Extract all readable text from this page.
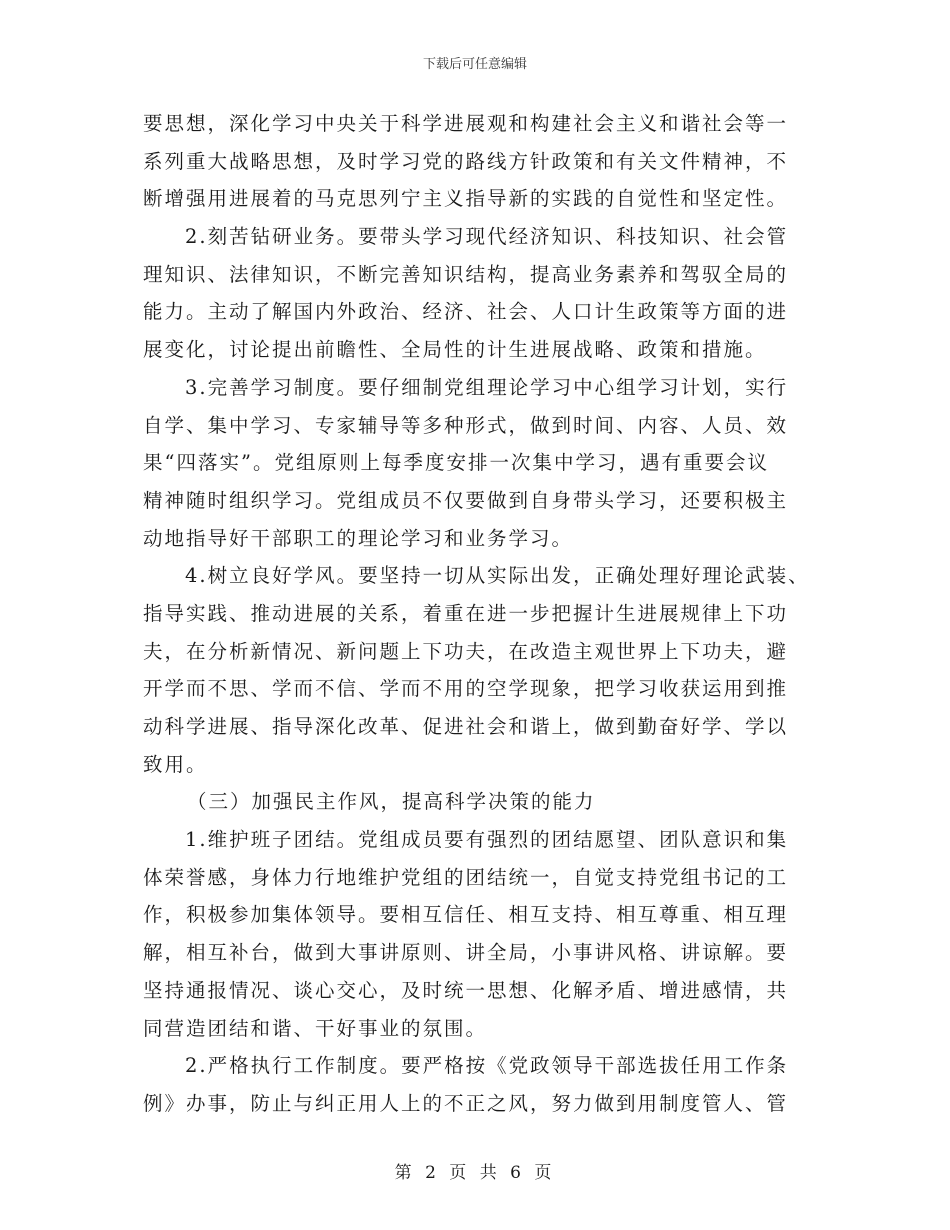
下载后可任意编辑
要思想，深化学习中央关于科学进展观和构建社会主义和谐社会等一
系列重大战略思想，及时学习党的路线方针政策和有关文件精神，不
断增强用进展着的马克思列宁主义指导新的实践的自觉性和坚定性。
2.刻苦钻研业务。要带头学习现代经济知识、科技知识、社会管
理知识、法律知识，不断完善知识结构，提高业务素养和驾驭全局的
能力。主动了解国内外政治、经济、社会、人口计生政策等方面的进
展变化，讨论提出前瞻性、全局性的计生进展战略、政策和措施。
3.完善学习制度。要仔细制党组理论学习中心组学习计划，实行
自学、集中学习、专家辅导等多种形式，做到时间、内容、人员、效
果“四落实”。党组原则上每季度安排一次集中学习，遇有重要会议
精神随时组织学习。党组成员不仅要做到自身带头学习，还要积极主
动地指导好干部职工的理论学习和业务学习。
4.树立良好学风。要坚持一切从实际出发，正确处理好理论武装、
指导实践、推动进展的关系，着重在进一步把握计生进展规律上下功
夫，在分析新情况、新问题上下功夫，在改造主观世界上下功夫，避
开学而不思、学而不信、学而不用的空学现象，把学习收获运用到推
动科学进展、指导深化改革、促进社会和谐上，做到勤奋好学、学以
致用。
（三）加强民主作风，提高科学决策的能力
1.维护班子团结。党组成员要有强烈的团结愿望、团队意识和集
体荣誉感，身体力行地维护党组的团结统一，自觉支持党组书记的工
作，积极参加集体领导。要相互信任、相互支持、相互尊重、相互理
解，相互补台，做到大事讲原则、讲全局，小事讲风格、讲谅解。要
坚持通报情况、谈心交心，及时统一思想、化解矛盾、增进感情，共
同营造团结和谐、干好事业的氛围。
2.严格执行工作制度。要严格按《党政领导干部选拔任用工作条
例》办事，防止与纠正用人上的不正之风，努力做到用制度管人、管
第 2 页 共 6 页
